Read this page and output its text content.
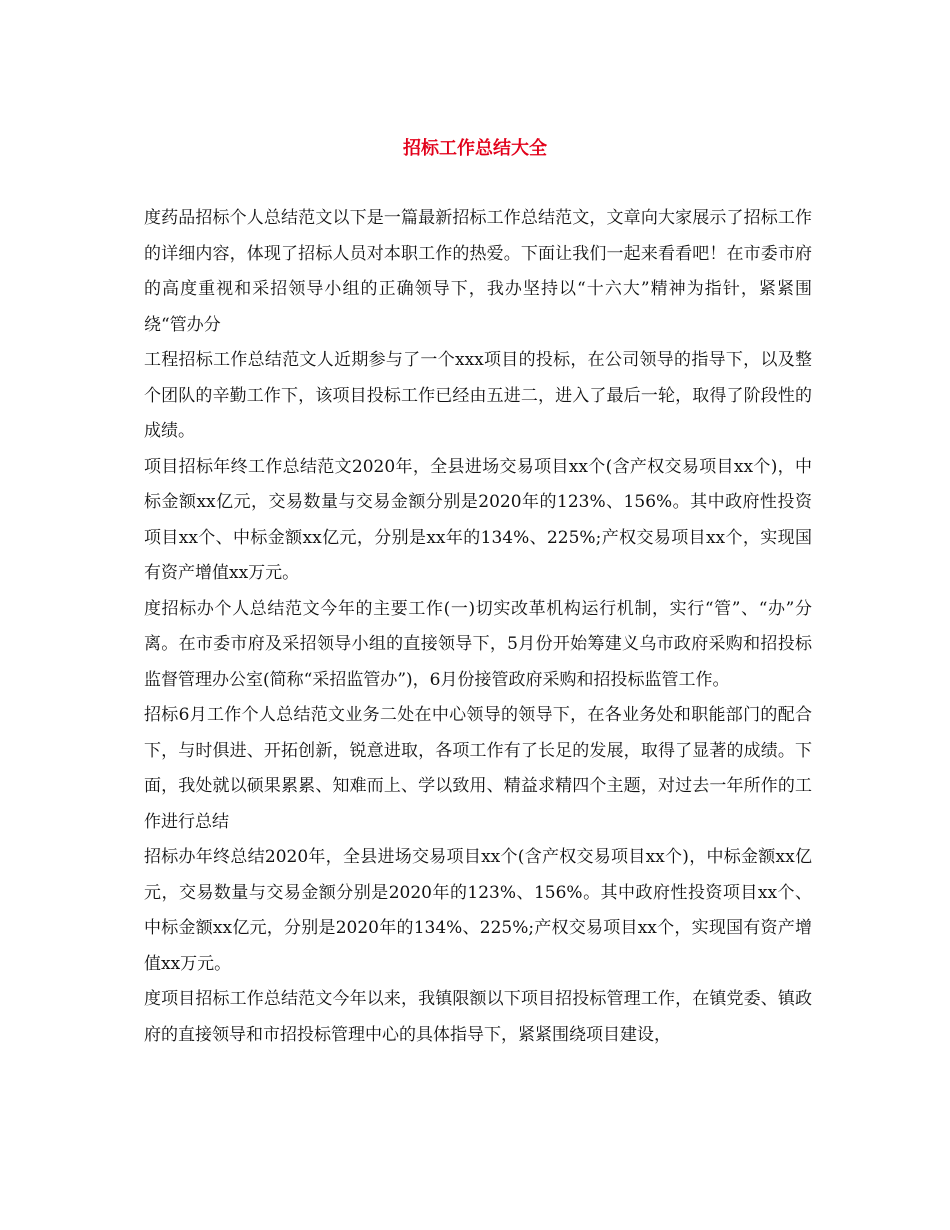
招标工作总结大全

度药品招标个人总结范文以下是一篇最新招标工作总结范文，文章向大家展示了招标工作的详细内容，体现了招标人员对本职工作的热爱。下面让我们一起来看看吧！在市委市府的高度重视和采招领导小组的正确领导下，我办坚持以“十六大”精神为指针，紧紧围绕“管办分

工程招标工作总结范文人近期参与了一个xxx项目的投标，在公司领导的指导下，以及整个团队的辛勤工作下，该项目投标工作已经由五进二，进入了最后一轮，取得了阶段性的成绩。

项目招标年终工作总结范文2020年，全县进场交易项目xx个(含产权交易项目xx个)，中标金额xx亿元，交易数量与交易金额分别是2020年的123%、156%。其中政府性投资项目xx个、中标金额xx亿元，分别是xx年的134%、225%;产权交易项目xx个，实现国有资产增值xx万元。

度招标办个人总结范文今年的主要工作(一)切实改革机构运行机制，实行“管”、“办”分离。在市委市府及采招领导小组的直接领导下，5月份开始筹建义乌市政府采购和招投标监督管理办公室(简称“采招监管办”)，6月份接管政府采购和招投标监管工作。

招标6月工作个人总结范文业务二处在中心领导的领导下，在各业务处和职能部门的配合下，与时俱进、开拓创新，锐意进取，各项工作有了长足的发展，取得了显著的成绩。下面，我处就以硕果累累、知难而上、学以致用、精益求精四个主题，对过去一年所作的工作进行总结

招标办年终总结2020年，全县进场交易项目xx个(含产权交易项目xx个)，中标金额xx亿元，交易数量与交易金额分别是2020年的123%、156%。其中政府性投资项目xx个、中标金额xx亿元，分别是2020年的134%、225%;产权交易项目xx个，实现国有资产增值xx万元。

度项目招标工作总结范文今年以来，我镇限额以下项目招投标管理工作，在镇党委、镇政府的直接领导和市招投标管理中心的具体指导下，紧紧围绕项目建设，
